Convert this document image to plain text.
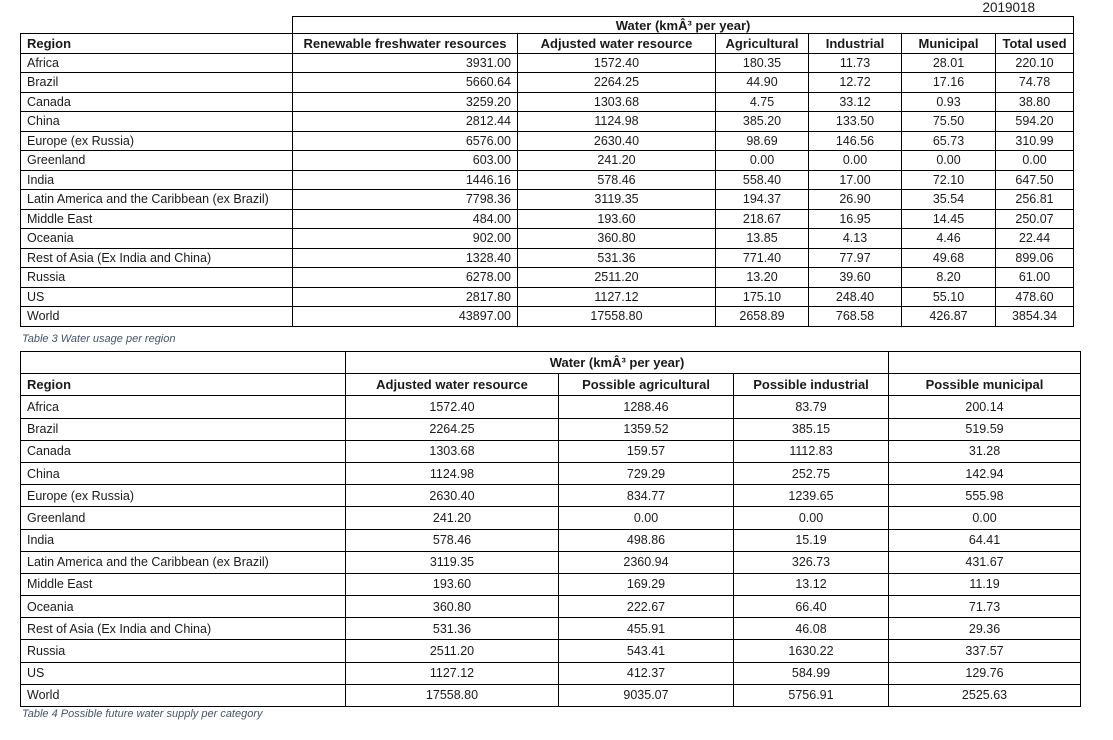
2019018
	Water (kmÂ³ per year)					
Region	Renewable freshwater resources	Adjusted water resource	Agricultural	Industrial	Municipal	Total used
Africa	3931.00	1572.40	180.35	11.73	28.01	220.10
Brazil	5660.64	2264.25	44.90	12.72	17.16	74.78
Canada	3259.20	1303.68	4.75	33.12	0.93	38.80
China	2812.44	1124.98	385.20	133.50	75.50	594.20
Europe (ex Russia)	6576.00	2630.40	98.69	146.56	65.73	310.99
Greenland	603.00	241.20	0.00	0.00	0.00	0.00
India	1446.16	578.46	558.40	17.00	72.10	647.50
Latin America and the Caribbean (ex Brazil)	7798.36	3119.35	194.37	26.90	35.54	256.81
Middle East	484.00	193.60	218.67	16.95	14.45	250.07
Oceania	902.00	360.80	13.85	4.13	4.46	22.44
Rest of Asia (Ex India and China)	1328.40	531.36	771.40	77.97	49.68	899.06
Russia	6278.00	2511.20	13.20	39.60	8.20	61.00
US	2817.80	1127.12	175.10	248.40	55.10	478.60
World	43897.00	17558.80	2658.89	768.58	426.87	3854.34
Table 3 Water usage per region
	Water (kmÂ³ per year)			
Region	Adjusted water resource	Possible agricultural	Possible industrial	Possible municipal
Africa	1572.40	1288.46	83.79	200.14
Brazil	2264.25	1359.52	385.15	519.59
Canada	1303.68	159.57	1112.83	31.28
China	1124.98	729.29	252.75	142.94
Europe (ex Russia)	2630.40	834.77	1239.65	555.98
Greenland	241.20	0.00	0.00	0.00
India	578.46	498.86	15.19	64.41
Latin America and the Caribbean (ex Brazil)	3119.35	2360.94	326.73	431.67
Middle East	193.60	169.29	13.12	11.19
Oceania	360.80	222.67	66.40	71.73
Rest of Asia (Ex India and China)	531.36	455.91	46.08	29.36
Russia	2511.20	543.41	1630.22	337.57
US	1127.12	412.37	584.99	129.76
World	17558.80	9035.07	5756.91	2525.63
Table 4 Possible future water supply per category
